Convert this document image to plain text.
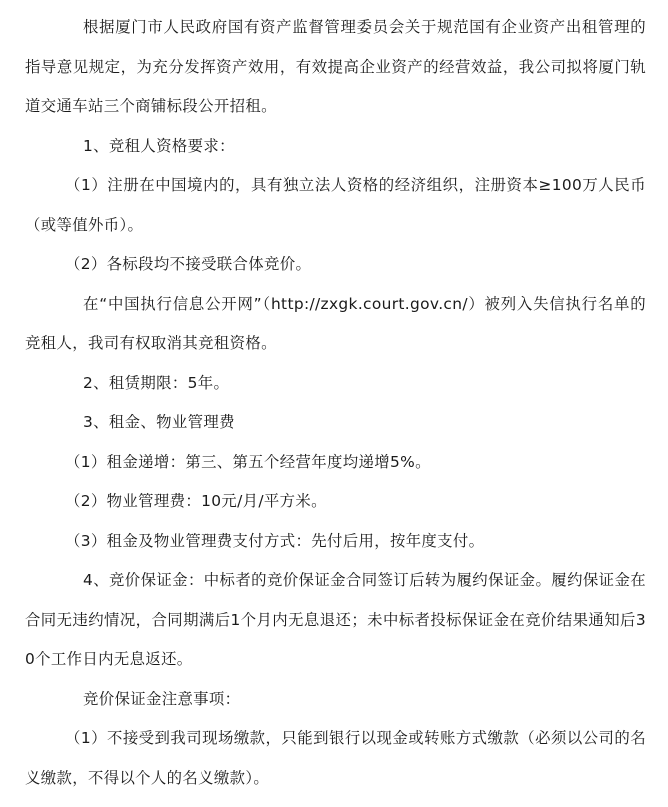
根据厦门市人民政府国有资产监督管理委员会关于规范国有企业资产出租管理的指导意见规定，为充分发挥资产效用，有效提高企业资产的经营效益，我公司拟将厦门轨道交通车站三个商铺标段公开招租。

1、竞租人资格要求：

（1）注册在中国境内的，具有独立法人资格的经济组织，注册资本≥100万人民币（或等值外币）。

（2）各标段均不接受联合体竞价。

在“中国执行信息公开网”（http://zxgk.court.gov.cn/）被列入失信执行名单的竞租人，我司有权取消其竞租资格。

2、租赁期限：5年。

3、租金、物业管理费

（1）租金递增：第三、第五个经营年度均递增5%。

（2）物业管理费：10元/月/平方米。

（3）租金及物业管理费支付方式：先付后用，按年度支付。

4、竞价保证金：中标者的竞价保证金合同签订后转为履约保证金。履约保证金在合同无违约情况，合同期满后1个月内无息退还；未中标者投标保证金在竞价结果通知后30个工作日内无息返还。

竞价保证金注意事项：

（1）不接受到我司现场缴款，只能到银行以现金或转账方式缴款（必须以公司的名义缴款，不得以个人的名义缴款）。
